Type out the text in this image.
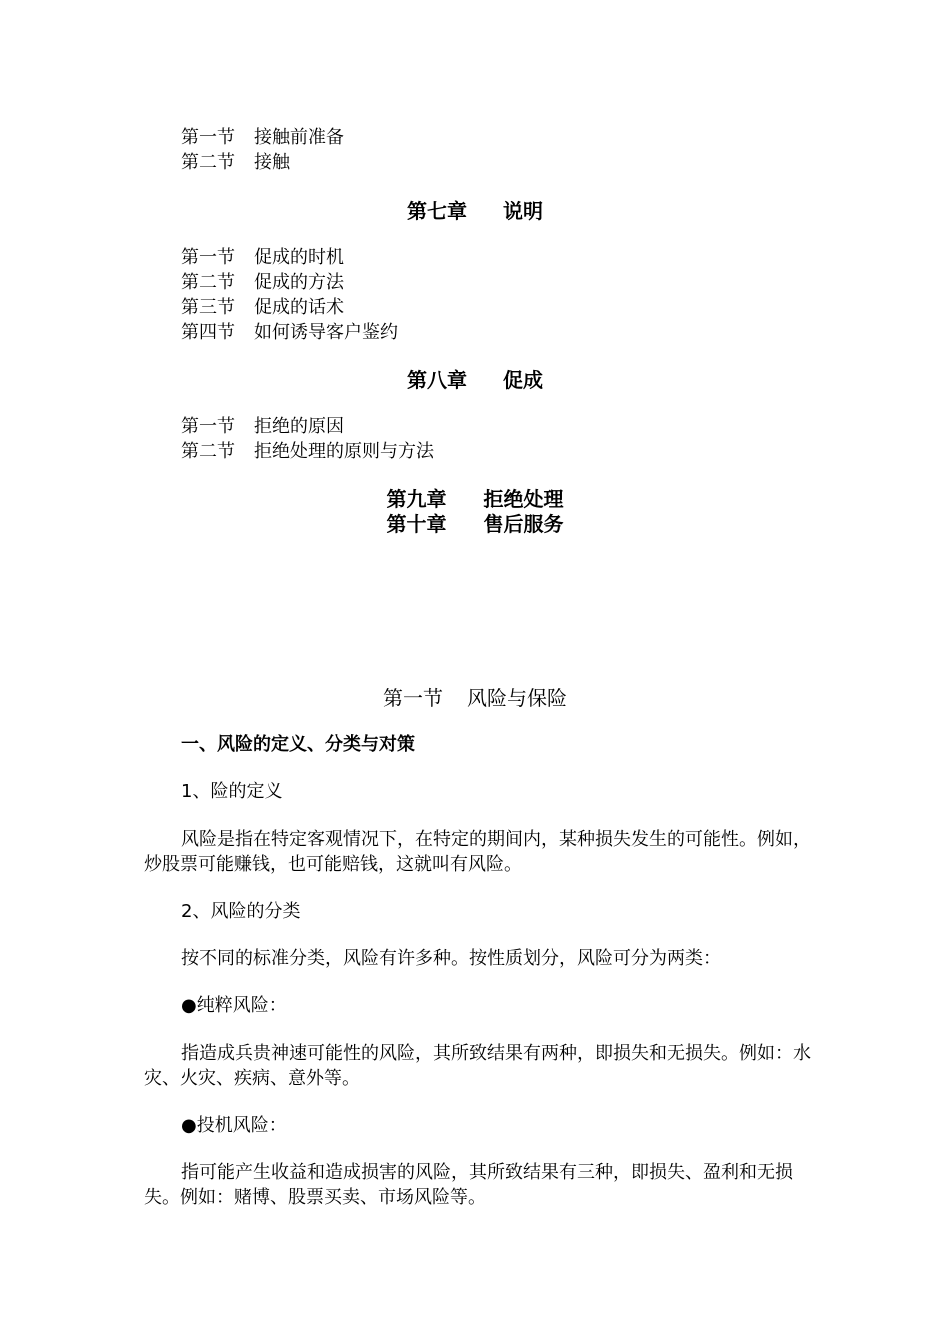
第一节 接触前准备
第二节 接触
第七章 说明
第一节 促成的时机
第二节 促成的方法
第三节 促成的话术
第四节 如何诱导客户鉴约
第八章 促成
第一节 拒绝的原因
第二节 拒绝处理的原则与方法
第九章 拒绝处理
第十章 售后服务
第一节 风险与保险
一、风险的定义、分类与对策
1、险的定义
风险是指在特定客观情况下，在特定的期间内，某种损失发生的可能性。例如，炒股票可能赚钱，也可能赔钱，这就叫有风险。
2、风险的分类
按不同的标准分类，风险有许多种。按性质划分，风险可分为两类：
●纯粹风险：
指造成兵贵神速可能性的风险，其所致结果有两种，即损失和无损失。例如：水灾、火灾、疾病、意外等。
●投机风险：
指可能产生收益和造成损害的风险，其所致结果有三种，即损失、盈利和无损失。例如：赌博、股票买卖、市场风险等。
